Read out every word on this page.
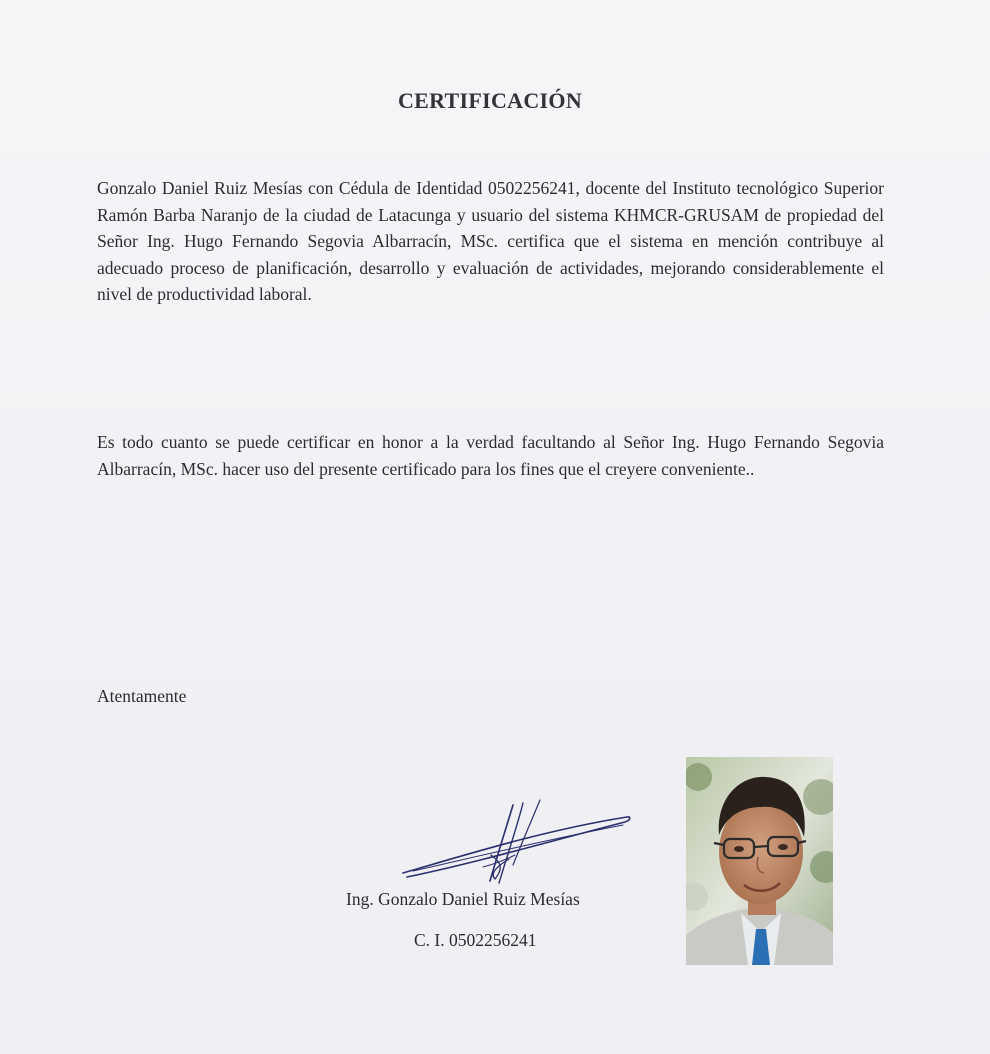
CERTIFICACIÓN
Gonzalo Daniel Ruiz Mesías con Cédula de Identidad 0502256241, docente del Instituto tecnológico Superior Ramón Barba Naranjo de la ciudad de Latacunga y usuario del sistema KHMCR-GRUSAM de propiedad del Señor Ing. Hugo Fernando Segovia Albarracín, MSc. certifica que el sistema en mención contribuye al adecuado proceso de planificación, desarrollo y evaluación de actividades, mejorando considerablemente el nivel de productividad laboral.
Es todo cuanto se puede certificar en honor a la verdad facultando al Señor Ing. Hugo Fernando Segovia Albarracín, MSc. hacer uso del presente certificado para los fines que el creyere conveniente..
Atentamente
Ing. Gonzalo Daniel Ruiz Mesías
C. I. 0502256241
